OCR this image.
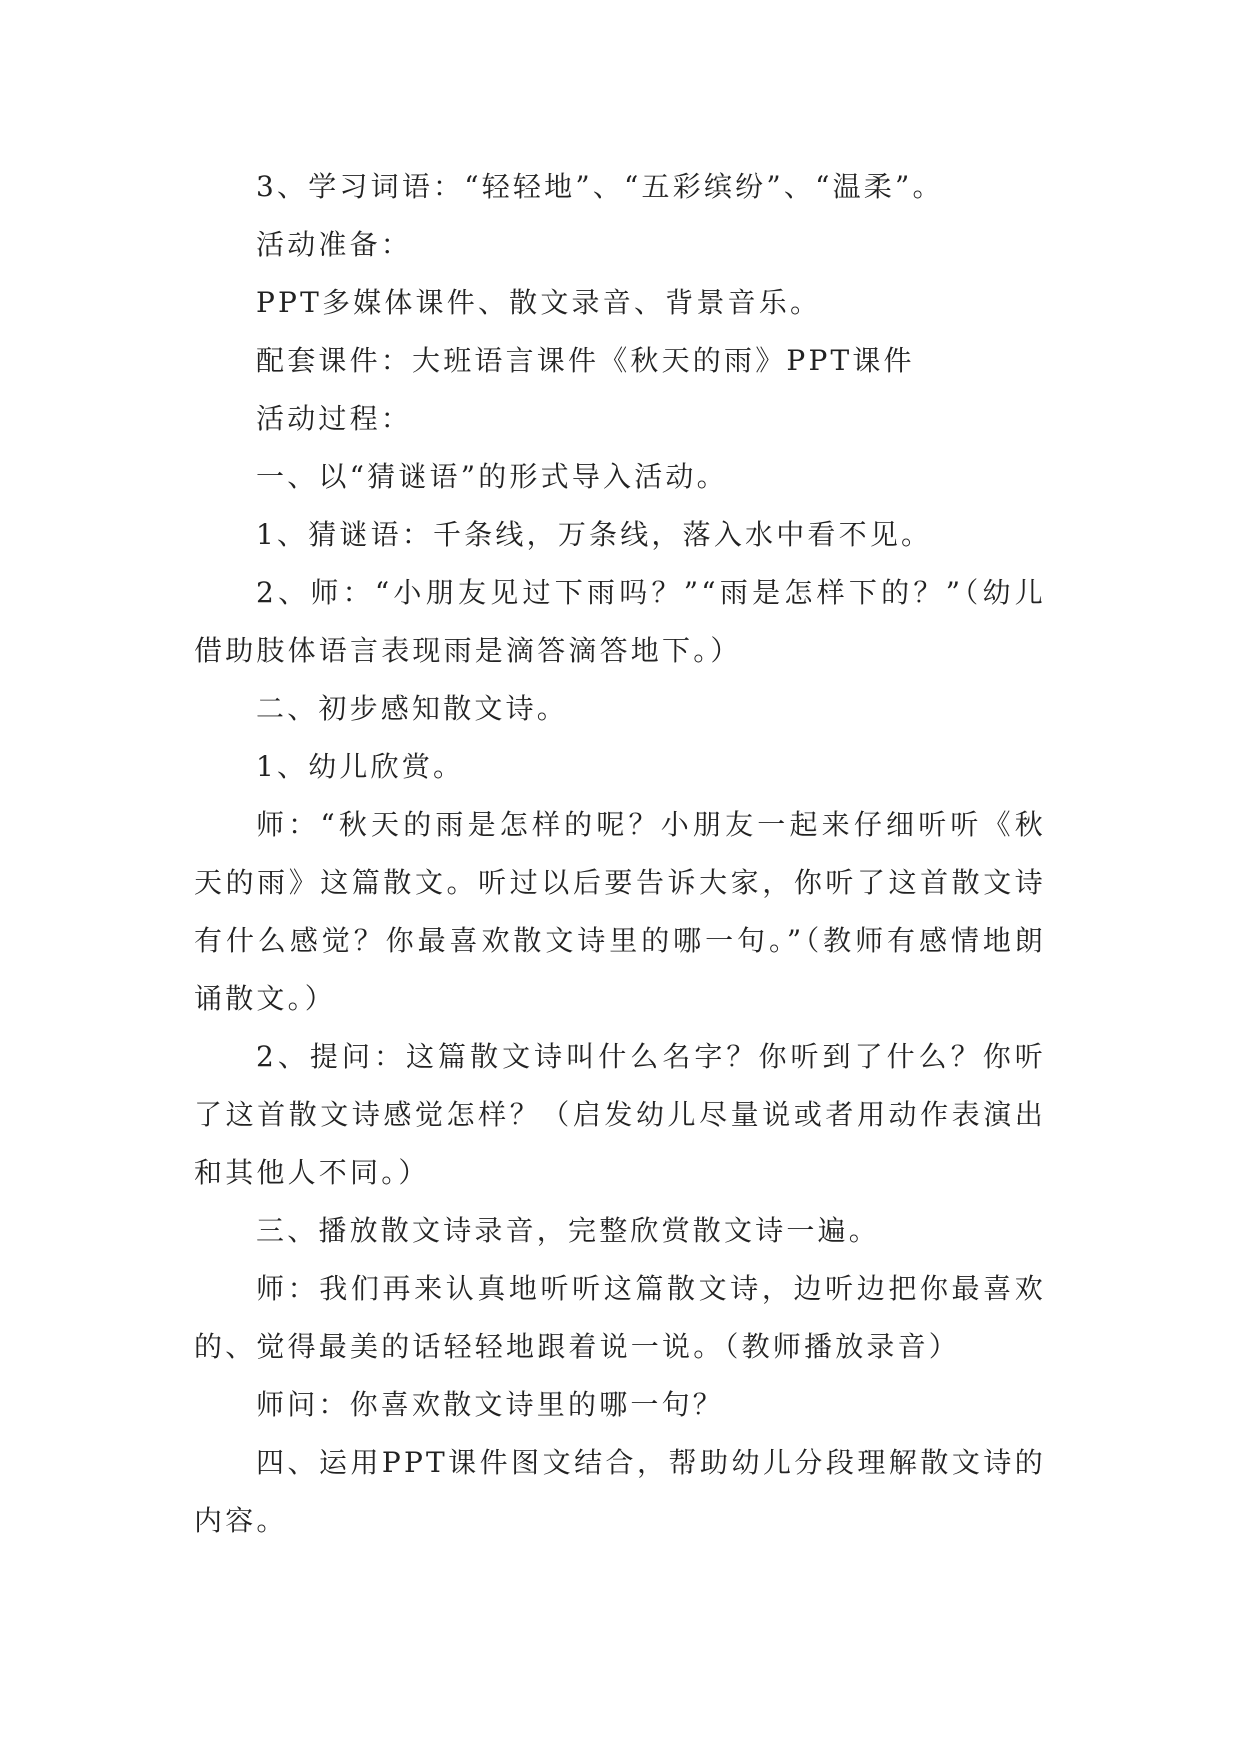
3、学习词语：“轻轻地”、“五彩缤纷”、“温柔”。

活动准备：

PPT多媒体课件、散文录音、背景音乐。

配套课件：大班语言课件《秋天的雨》PPT课件

活动过程：

一、以“猜谜语”的形式导入活动。

1、猜谜语：千条线，万条线，落入水中看不见。

2、师：“小朋友见过下雨吗？”“雨是怎样下的？”（幼儿借助肢体语言表现雨是滴答滴答地下。）

二、初步感知散文诗。

1、幼儿欣赏。

师：“秋天的雨是怎样的呢？小朋友一起来仔细听听《秋天的雨》这篇散文。听过以后要告诉大家，你听了这首散文诗有什么感觉？你最喜欢散文诗里的哪一句。”（教师有感情地朗诵散文。）

2、提问：这篇散文诗叫什么名字？你听到了什么？你听了这首散文诗感觉怎样？（启发幼儿尽量说或者用动作表演出和其他人不同。）

三、播放散文诗录音，完整欣赏散文诗一遍。

师：我们再来认真地听听这篇散文诗，边听边把你最喜欢的、觉得最美的话轻轻地跟着说一说。（教师播放录音）

师问：你喜欢散文诗里的哪一句？

四、运用PPT课件图文结合，帮助幼儿分段理解散文诗的内容。
